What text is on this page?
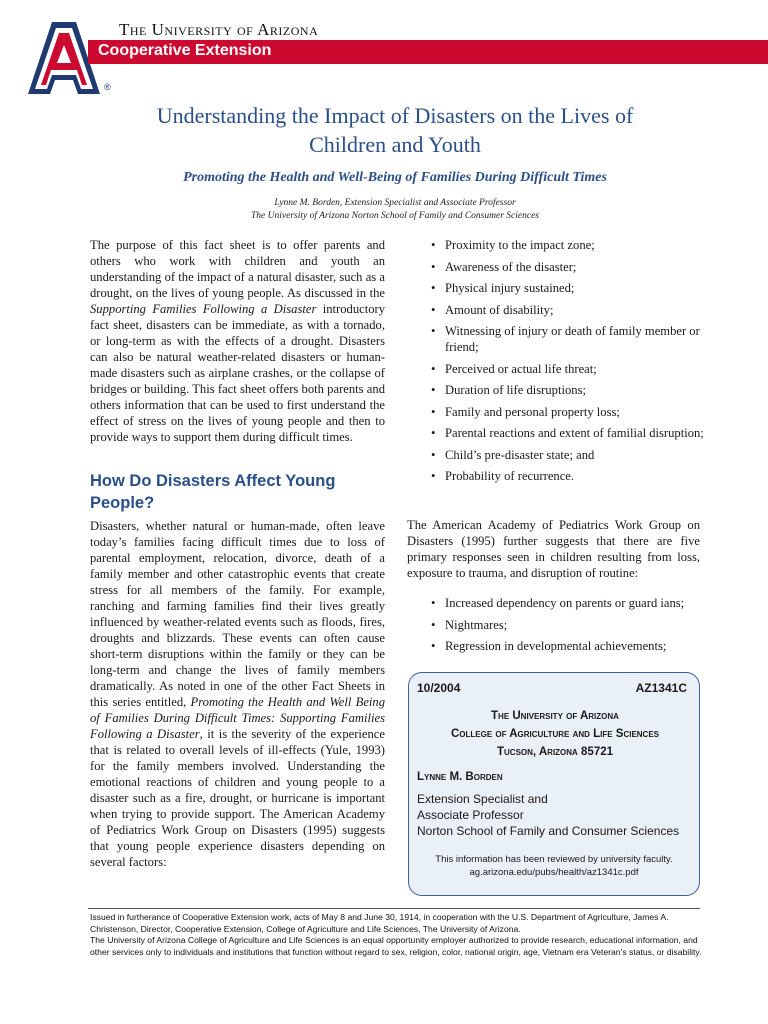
The University of Arizona
Cooperative Extension
®
Understanding the Impact of Disasters on the Lives of
Children and Youth
Promoting the Health and Well-Being of Families During Difficult Times
Lynne M. Borden, Extension Specialist and Associate Professor
The University of Arizona Norton School of Family and Consumer Sciences
The purpose of this fact sheet is to offer parents and others who work with children and youth an understanding of the impact of a natural disaster, such as a drought, on the lives of young people. As discussed in the Supporting Families Following a Disaster introductory fact sheet, disasters can be immediate, as with a tornado, or long-term as with the effects of a drought. Disasters can also be natural weather-related disasters or human-made disasters such as airplane crashes, or the collapse of bridges or building. This fact sheet offers both parents and others information that can be used to first understand the effect of stress on the lives of young people and then to provide ways to support them during difficult times.
How Do Disasters Affect Young People?
Disasters, whether natural or human-made, often leave today’s families facing difficult times due to loss of parental employment, relocation, divorce, death of a family member and other catastrophic events that create stress for all members of the family. For example, ranching and farming families find their lives greatly influenced by weather-related events such as floods, fires, droughts and blizzards. These events can often cause short-term disruptions within the family or they can be long-term and change the lives of family members dramatically. As noted in one of the other Fact Sheets in this series entitled, Promoting the Health and Well Being of Families During Difficult Times: Supporting Families Following a Disaster, it is the severity of the experience that is related to overall levels of ill-effects (Yule, 1993) for the family members involved. Understanding the emotional reactions of children and young people to a disaster such as a fire, drought, or hurricane is important when trying to provide support. The American Academy of Pediatrics Work Group on Disasters (1995) suggests that young people experience disasters depending on several factors:
• Proximity to the impact zone;
• Awareness of the disaster;
• Physical injury sustained;
• Amount of disability;
• Witnessing of injury or death of family member or friend;
• Perceived or actual life threat;
• Duration of life disruptions;
• Family and personal property loss;
• Parental reactions and extent of familial disruption;
• Child’s pre-disaster state; and
• Probability of recurrence.
The American Academy of Pediatrics Work Group on Disasters (1995) further suggests that there are five primary responses seen in children resulting from loss, exposure to trauma, and disruption of routine:
• Increased dependency on parents or guard ians;
• Nightmares;
• Regression in developmental achievements;
10/2004	AZ1341C
The University of Arizona
College of Agriculture and Life Sciences
Tucson, Arizona 85721
Lynne M. Borden
Extension Specialist and
Associate Professor
Norton School of Family and Consumer Sciences
This information has been reviewed by university faculty.
ag.arizona.edu/pubs/health/az1341c.pdf
Issued in furtherance of Cooperative Extension work, acts of May 8 and June 30, 1914, in cooperation with the U.S. Department of Agriculture, James A. Christenson, Director, Cooperative Extension, College of Agriculture and Life Sciences, The University of Arizona.
The University of Arizona College of Agriculture and Life Sciences is an equal opportunity employer authorized to provide research, educational information, and other services only to individuals and institutions that function without regard to sex, religion, color, national origin, age, Vietnam era Veteran’s status, or disability.
